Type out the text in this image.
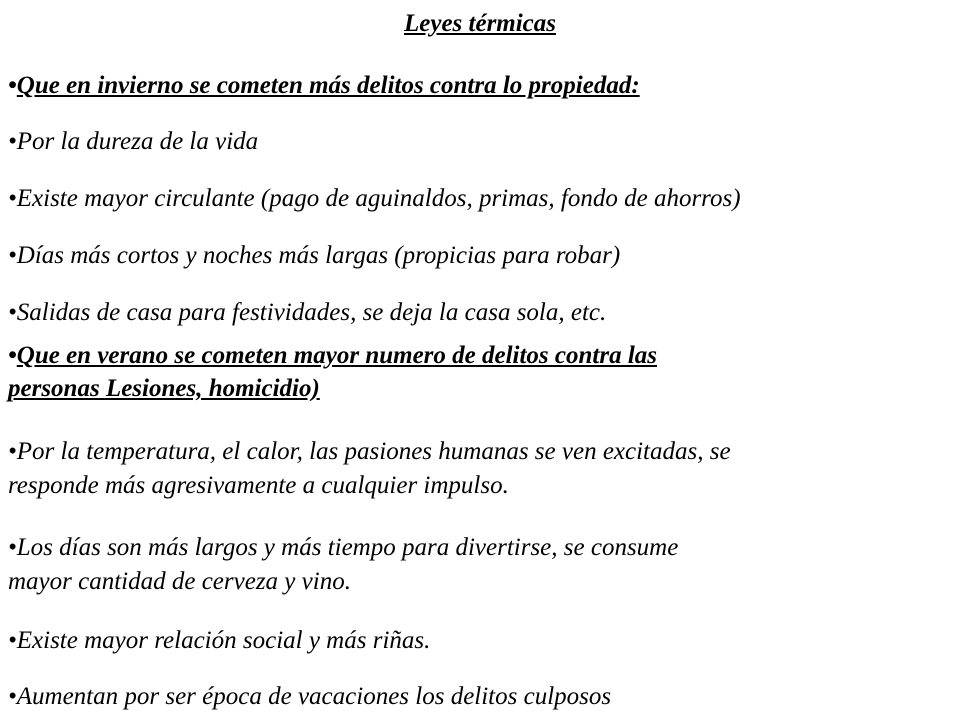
Leyes térmicas
•Que en invierno se cometen más delitos contra lo propiedad:
•Por la dureza de la vida
•Existe mayor circulante (pago de aguinaldos, primas, fondo de ahorros)
•Días más cortos y noches más largas (propicias para robar)
•Salidas de casa para festividades, se deja la casa sola, etc.
•Que en verano se cometen mayor numero de delitos contra las
personas Lesiones, homicidio)
•Por la temperatura, el calor, las pasiones humanas se ven excitadas, se
responde más agresivamente a cualquier impulso.
•Los días son más largos y más tiempo para divertirse, se consume
mayor cantidad de cerveza y vino.
•Existe mayor relación social y más riñas.
•Aumentan por ser época de vacaciones los delitos culposos
